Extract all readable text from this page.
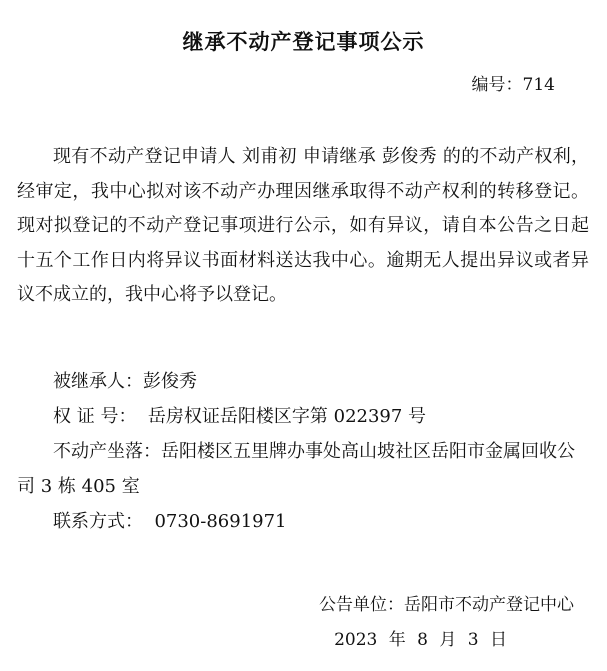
继承不动产登记事项公示
编号：714

现有不动产登记申请人 刘甫初 申请继承 彭俊秀 的的不动产权利，经审定，我中心拟对该不动产办理因继承取得不动产权利的转移登记。现对拟登记的不动产登记事项进行公示，如有异议，请自本公告之日起十五个工作日内将异议书面材料送达我中心。逾期无人提出异议或者异议不成立的，我中心将予以登记。

被继承人：彭俊秀

权 证 号： 岳房权证岳阳楼区字第 022397 号

不动产坐落：岳阳楼区五里牌办事处高山坡社区岳阳市金属回收公司 3 栋 405 室

联系方式： 0730-8691971

公告单位：岳阳市不动产登记中心
2023 年 8 月 3 日
